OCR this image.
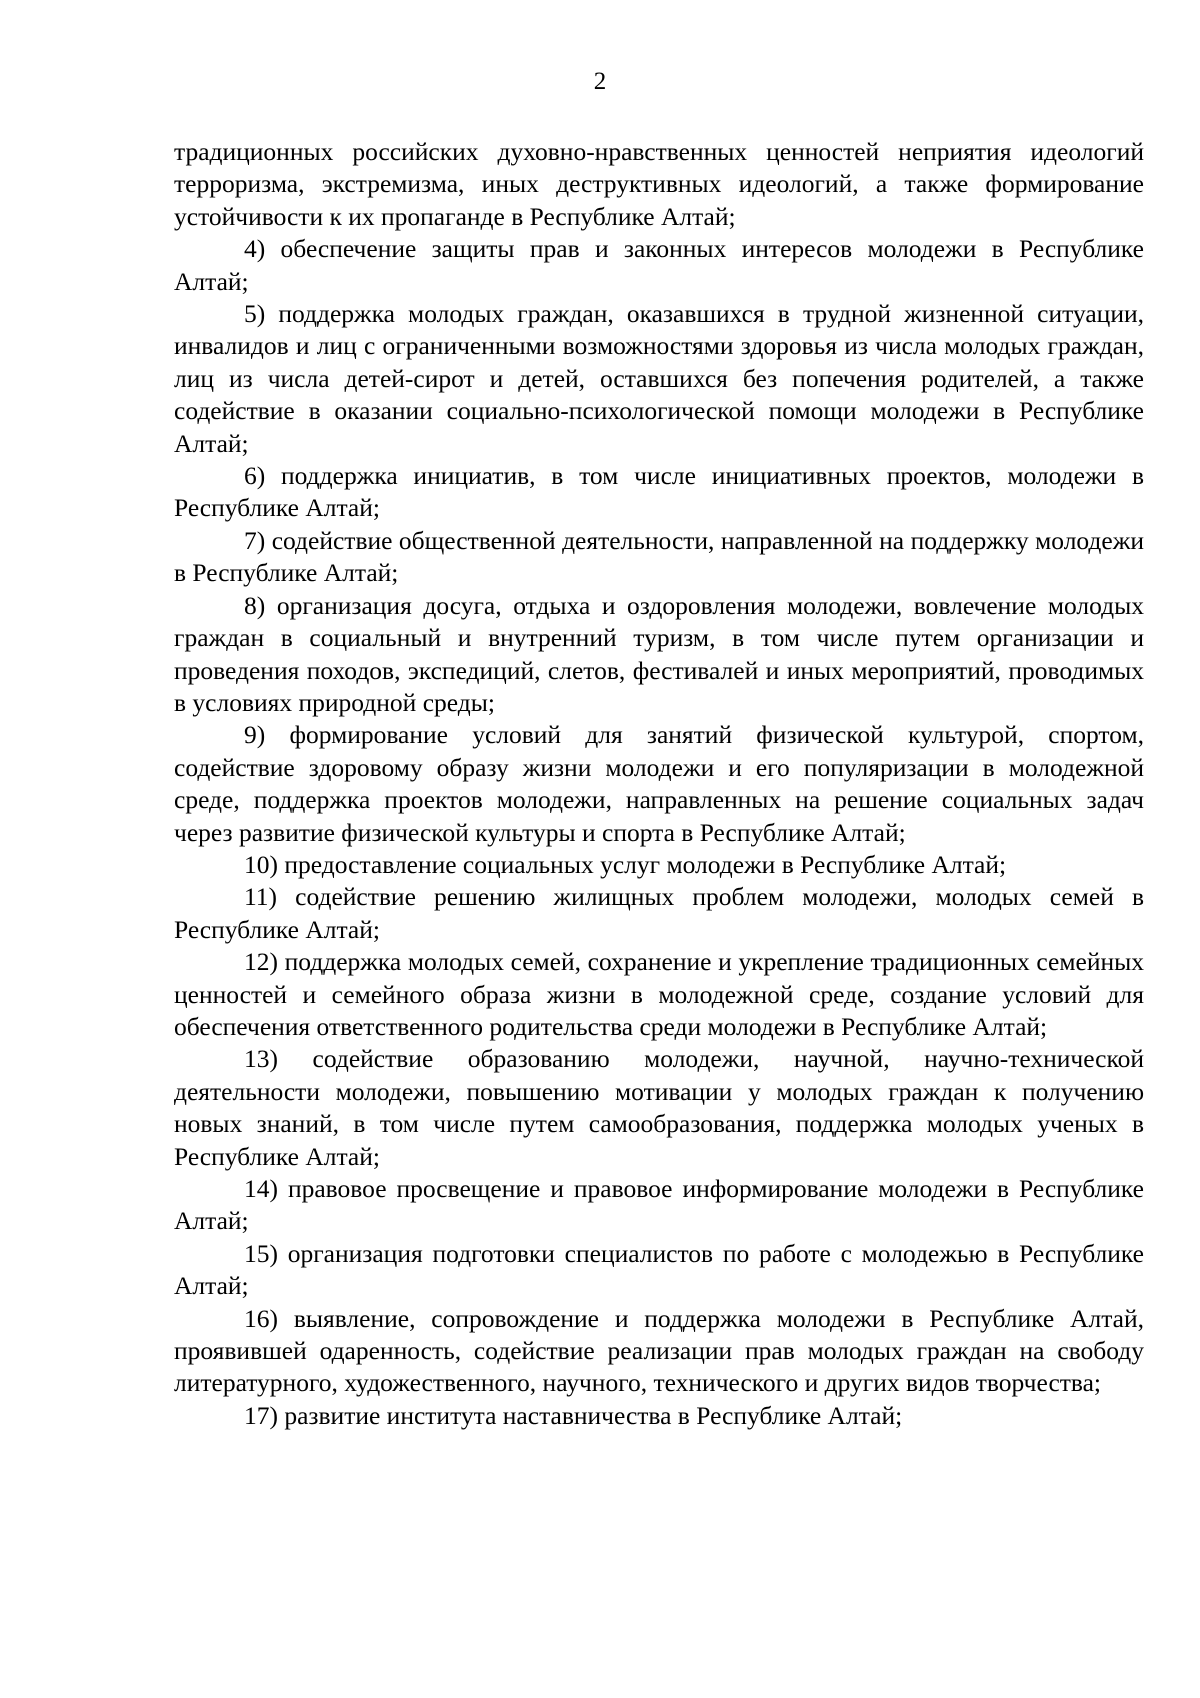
2

традиционных российских духовно-нравственных ценностей неприятия идеологий терроризма, экстремизма, иных деструктивных идеологий, а также формирование устойчивости к их пропаганде в Республике Алтай;

4) обеспечение защиты прав и законных интересов молодежи в Республике Алтай;

5) поддержка молодых граждан, оказавшихся в трудной жизненной ситуации, инвалидов и лиц с ограниченными возможностями здоровья из числа молодых граждан, лиц из числа детей-сирот и детей, оставшихся без попечения родителей, а также содействие в оказании социально-психологической помощи молодежи в Республике Алтай;

6) поддержка инициатив, в том числе инициативных проектов, молодежи в Республике Алтай;

7) содействие общественной деятельности, направленной на поддержку молодежи в Республике Алтай;

8) организация досуга, отдыха и оздоровления молодежи, вовлечение молодых граждан в социальный и внутренний туризм, в том числе путем организации и проведения походов, экспедиций, слетов, фестивалей и иных мероприятий, проводимых в условиях природной среды;

9) формирование условий для занятий физической культурой, спортом, содействие здоровому образу жизни молодежи и его популяризации в молодежной среде, поддержка проектов молодежи, направленных на решение социальных задач через развитие физической культуры и спорта в Республике Алтай;

10) предоставление социальных услуг молодежи в Республике Алтай;

11) содействие решению жилищных проблем молодежи, молодых семей в Республике Алтай;

12) поддержка молодых семей, сохранение и укрепление традиционных семейных ценностей и семейного образа жизни в молодежной среде, создание условий для обеспечения ответственного родительства среди молодежи в Республике Алтай;

13) содействие образованию молодежи, научной, научно-технической деятельности молодежи, повышению мотивации у молодых граждан к получению новых знаний, в том числе путем самообразования, поддержка молодых ученых в Республике Алтай;

14) правовое просвещение и правовое информирование молодежи в Республике Алтай;

15) организация подготовки специалистов по работе с молодежью в Республике Алтай;

16) выявление, сопровождение и поддержка молодежи в Республике Алтай, проявившей одаренность, содействие реализации прав молодых граждан на свободу литературного, художественного, научного, технического и других видов творчества;

17) развитие института наставничества в Республике Алтай;
